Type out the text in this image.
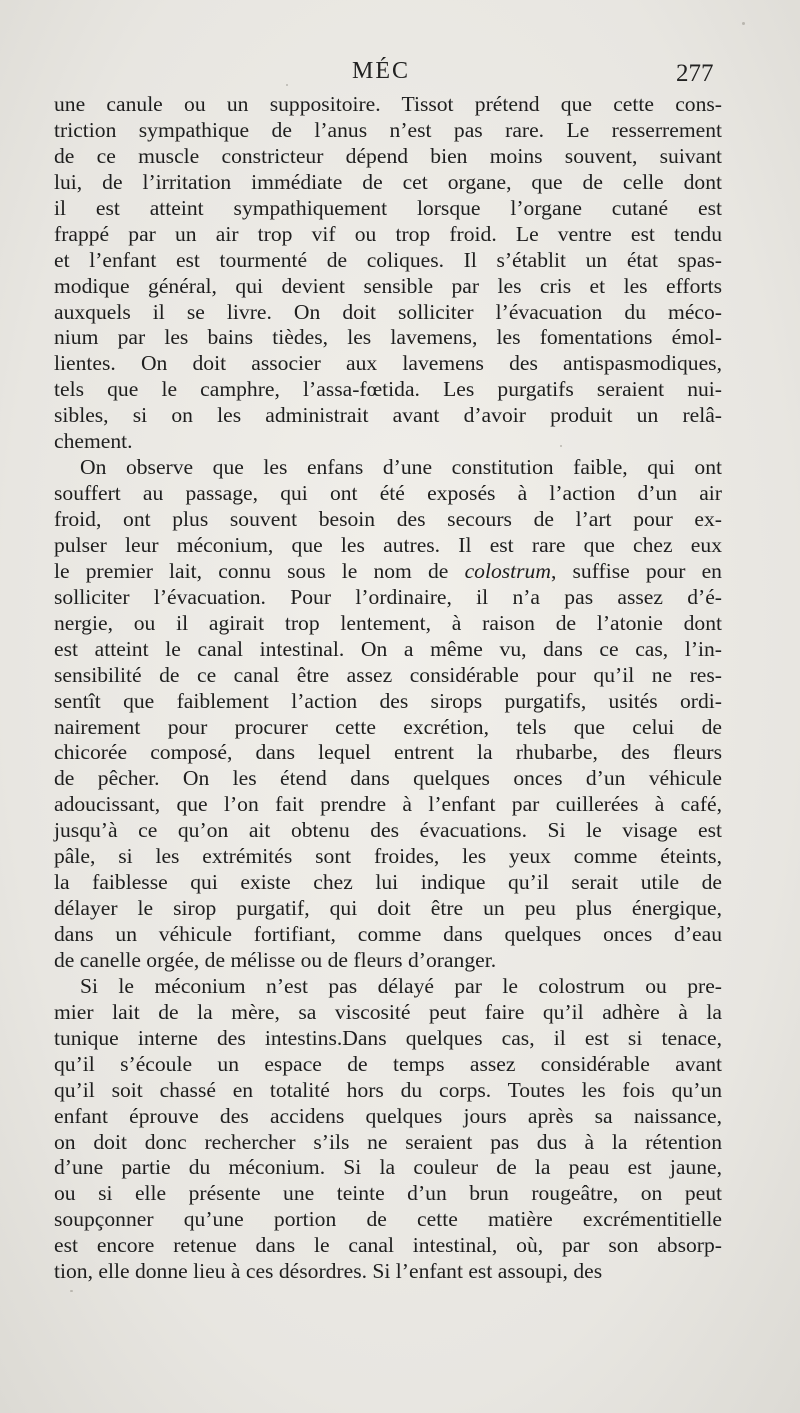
MÉC	277
une canule ou un suppositoire. Tissot prétend que cette cons-
triction sympathique de l’anus n’est pas rare. Le resserrement
de ce muscle constricteur dépend bien moins souvent, suivant
lui, de l’irritation immédiate de cet organe, que de celle dont
il est atteint sympathiquement lorsque l’organe cutané est
frappé par un air trop vif ou trop froid. Le ventre est tendu
et l’enfant est tourmenté de coliques. Il s’établit un état spas-
modique général, qui devient sensible par les cris et les efforts
auxquels il se livre. On doit solliciter l’évacuation du méco-
nium par les bains tièdes, les lavemens, les fomentations émol-
lientes. On doit associer aux lavemens des antispasmodiques,
tels que le camphre, l’assa-fœtida. Les purgatifs seraient nui-
sibles, si on les administrait avant d’avoir produit un relâ-
chement.
On observe que les enfans d’une constitution faible, qui ont
souffert au passage, qui ont été exposés à l’action d’un air
froid, ont plus souvent besoin des secours de l’art pour ex-
pulser leur méconium, que les autres. Il est rare que chez eux
le premier lait, connu sous le nom de colostrum, suffise pour en
solliciter l’évacuation. Pour l’ordinaire, il n’a pas assez d’é-
nergie, ou il agirait trop lentement, à raison de l’atonie dont
est atteint le canal intestinal. On a même vu, dans ce cas, l’in-
sensibilité de ce canal être assez considérable pour qu’il ne res-
sentît que faiblement l’action des sirops purgatifs, usités ordi-
nairement pour procurer cette excrétion, tels que celui de
chicorée composé, dans lequel entrent la rhubarbe, des fleurs
de pêcher. On les étend dans quelques onces d’un véhicule
adoucissant, que l’on fait prendre à l’enfant par cuillerées à café,
jusqu’à ce qu’on ait obtenu des évacuations. Si le visage est
pâle, si les extrémités sont froides, les yeux comme éteints,
la faiblesse qui existe chez lui indique qu’il serait utile de
délayer le sirop purgatif, qui doit être un peu plus énergique,
dans un véhicule fortifiant, comme dans quelques onces d’eau
de canelle orgée, de mélisse ou de fleurs d’oranger.
Si le méconium n’est pas délayé par le colostrum ou pre-
mier lait de la mère, sa viscosité peut faire qu’il adhère à la
tunique interne des intestins.Dans quelques cas, il est si tenace,
qu’il s’écoule un espace de temps assez considérable avant
qu’il soit chassé en totalité hors du corps. Toutes les fois qu’un
enfant éprouve des accidens quelques jours après sa naissance,
on doit donc rechercher s’ils ne seraient pas dus à la rétention
d’une partie du méconium. Si la couleur de la peau est jaune,
ou si elle présente une teinte d’un brun rougeâtre, on peut
soupçonner qu’une portion de cette matière excrémentitielle
est encore retenue dans le canal intestinal, où, par son absorp-
tion, elle donne lieu à ces désordres. Si l’enfant est assoupi, des
